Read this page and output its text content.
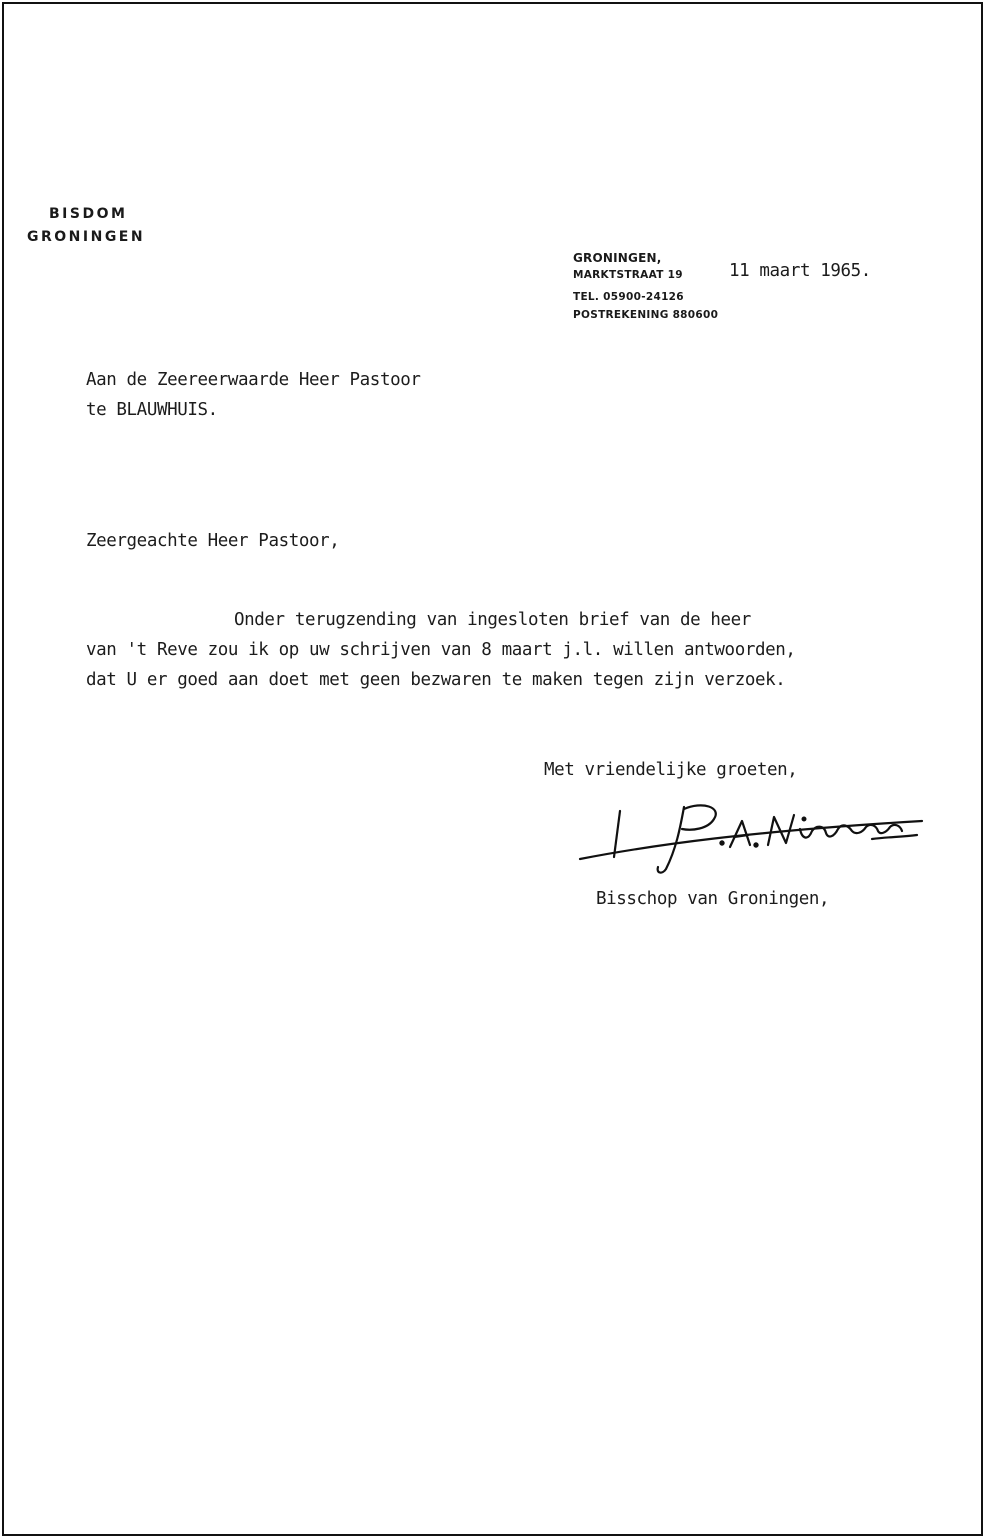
BISDOM
GRONINGEN
GRONINGEN,
MARKTSTRAAT 19
TEL. 05900-24126
POSTREKENING 880600
11 maart 1965.
Aan de Zeereerwaarde Heer Pastoor
te BLAUWHUIS.
Zeergeachte Heer Pastoor,
Onder terugzending van ingesloten brief van de heer
van 't Reve zou ik op uw schrijven van 8 maart j.l. willen antwoorden,
dat U er goed aan doet met geen bezwaren te maken tegen zijn verzoek.
Met vriendelijke groeten,
Bisschop van Groningen,
